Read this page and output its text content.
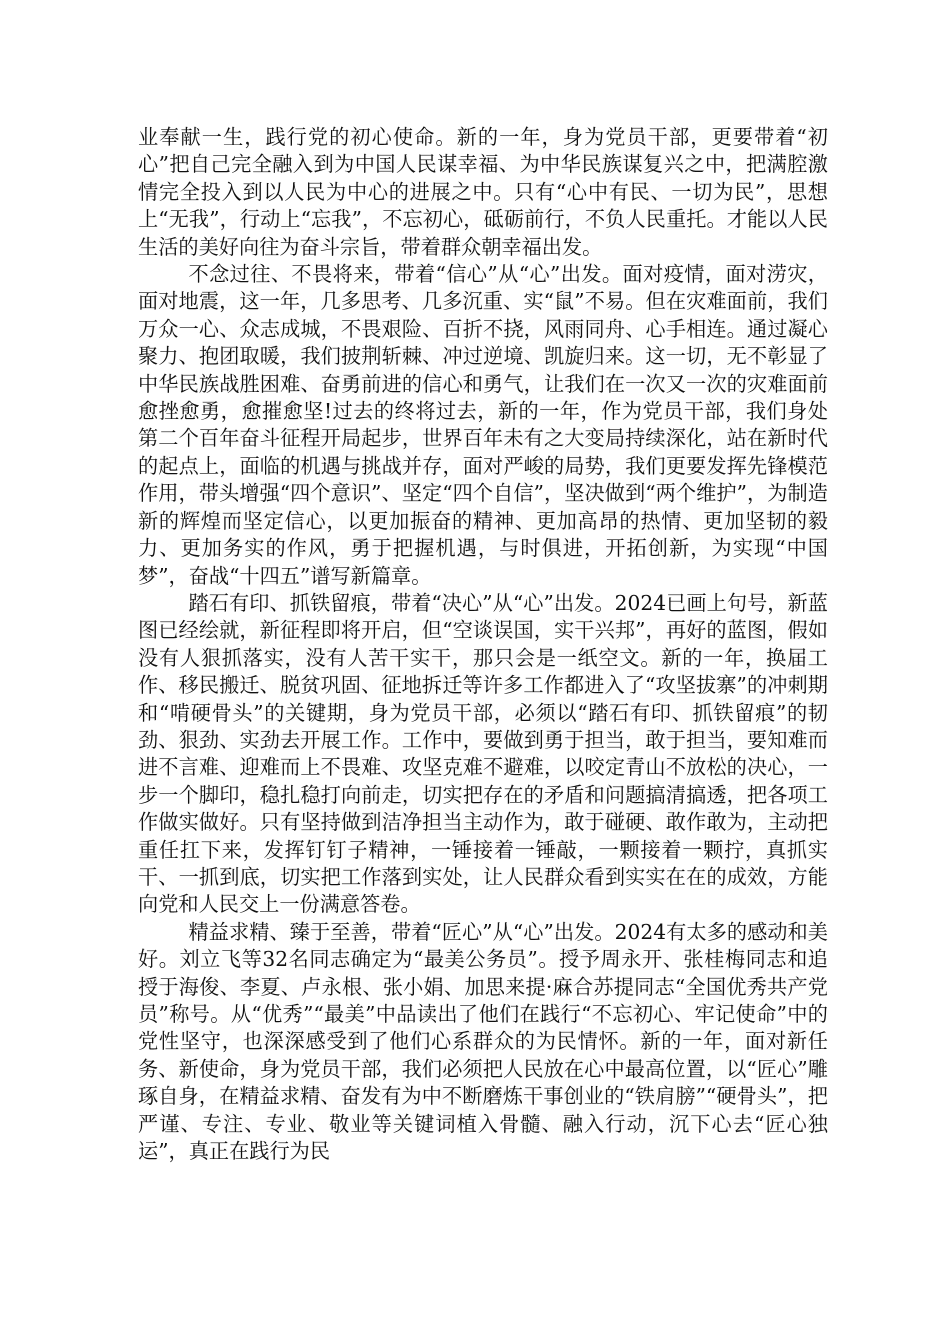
业奉献一生，践行党的初心使命。新的一年，身为党员干部，更要带着“初心”把自己完全融入到为中国人民谋幸福、为中华民族谋复兴之中，把满腔激情完全投入到以人民为中心的进展之中。只有“心中有民、一切为民”，思想上“无我”，行动上“忘我”，不忘初心，砥砺前行，不负人民重托。才能以人民生活的美好向往为奋斗宗旨，带着群众朝幸福出发。

不念过往、不畏将来，带着“信心”从“心”出发。面对疫情，面对涝灾，面对地震，这一年，几多思考、几多沉重、实“鼠”不易。但在灾难面前，我们万众一心、众志成城，不畏艰险、百折不挠，风雨同舟、心手相连。通过凝心聚力、抱团取暖，我们披荆斩棘、冲过逆境、凯旋归来。这一切，无不彰显了中华民族战胜困难、奋勇前进的信心和勇气，让我们在一次又一次的灾难面前愈挫愈勇，愈摧愈坚!过去的终将过去，新的一年，作为党员干部，我们身处第二个百年奋斗征程开局起步，世界百年未有之大变局持续深化，站在新时代的起点上，面临的机遇与挑战并存，面对严峻的局势，我们更要发挥先锋模范作用，带头增强“四个意识”、坚定“四个自信”，坚决做到“两个维护”，为制造新的辉煌而坚定信心，以更加振奋的精神、更加高昂的热情、更加坚韧的毅力、更加务实的作风，勇于把握机遇，与时俱进，开拓创新，为实现“中国梦”，奋战“十四五”谱写新篇章。

踏石有印、抓铁留痕，带着“决心”从“心”出发。2024已画上句号，新蓝图已经绘就，新征程即将开启，但“空谈误国，实干兴邦”，再好的蓝图，假如没有人狠抓落实，没有人苦干实干，那只会是一纸空文。新的一年，换届工作、移民搬迁、脱贫巩固、征地拆迁等许多工作都进入了“攻坚拔寨”的冲刺期和“啃硬骨头”的关键期，身为党员干部，必须以“踏石有印、抓铁留痕”的韧劲、狠劲、实劲去开展工作。工作中，要做到勇于担当，敢于担当，要知难而进不言难、迎难而上不畏难、攻坚克难不避难，以咬定青山不放松的决心，一步一个脚印，稳扎稳打向前走，切实把存在的矛盾和问题搞清搞透，把各项工作做实做好。只有坚持做到洁净担当主动作为，敢于碰硬、敢作敢为，主动把重任扛下来，发挥钉钉子精神，一锤接着一锤敲，一颗接着一颗拧，真抓实干、一抓到底，切实把工作落到实处，让人民群众看到实实在在的成效，方能向党和人民交上一份满意答卷。

精益求精、臻于至善，带着“匠心”从“心”出发。2024有太多的感动和美好。刘立飞等32名同志确定为“最美公务员”。授予周永开、张桂梅同志和追授于海俊、李夏、卢永根、张小娟、加思来提·麻合苏提同志“全国优秀共产党员”称号。从“优秀”“最美”中品读出了他们在践行“不忘初心、牢记使命”中的党性坚守，也深深感受到了他们心系群众的为民情怀。新的一年，面对新任务、新使命，身为党员干部，我们必须把人民放在心中最高位置，以“匠心”雕琢自身，在精益求精、奋发有为中不断磨炼干事创业的“铁肩膀”“硬骨头”，把严谨、专注、专业、敬业等关键词植入骨髓、融入行动，沉下心去“匠心独运”，真正在践行为民
